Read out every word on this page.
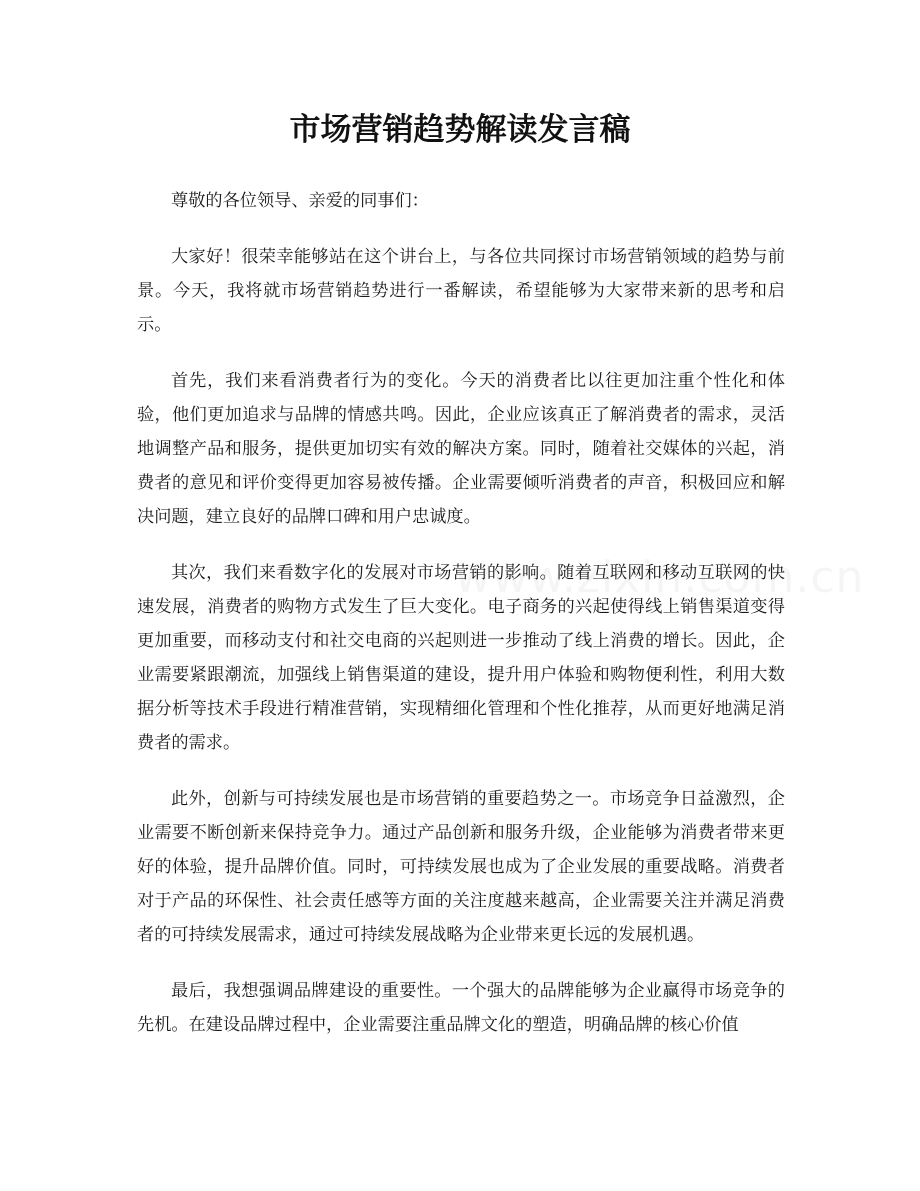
市场营销趋势解读发言稿

尊敬的各位领导、亲爱的同事们：

大家好！很荣幸能够站在这个讲台上，与各位共同探讨市场营销领域的趋势与前景。今天，我将就市场营销趋势进行一番解读，希望能够为大家带来新的思考和启示。

首先，我们来看消费者行为的变化。今天的消费者比以往更加注重个性化和体验，他们更加追求与品牌的情感共鸣。因此，企业应该真正了解消费者的需求，灵活地调整产品和服务，提供更加切实有效的解决方案。同时，随着社交媒体的兴起，消费者的意见和评价变得更加容易被传播。企业需要倾听消费者的声音，积极回应和解决问题，建立良好的品牌口碑和用户忠诚度。

其次，我们来看数字化的发展对市场营销的影响。随着互联网和移动互联网的快速发展，消费者的购物方式发生了巨大变化。电子商务的兴起使得线上销售渠道变得更加重要，而移动支付和社交电商的兴起则进一步推动了线上消费的增长。因此，企业需要紧跟潮流，加强线上销售渠道的建设，提升用户体验和购物便利性，利用大数据分析等技术手段进行精准营销，实现精细化管理和个性化推荐，从而更好地满足消费者的需求。

此外，创新与可持续发展也是市场营销的重要趋势之一。市场竞争日益激烈，企业需要不断创新来保持竞争力。通过产品创新和服务升级，企业能够为消费者带来更好的体验，提升品牌价值。同时，可持续发展也成为了企业发展的重要战略。消费者对于产品的环保性、社会责任感等方面的关注度越来越高，企业需要关注并满足消费者的可持续发展需求，通过可持续发展战略为企业带来更长远的发展机遇。

最后，我想强调品牌建设的重要性。一个强大的品牌能够为企业赢得市场竞争的先机。在建设品牌过程中，企业需要注重品牌文化的塑造，明确品牌的核心价值
